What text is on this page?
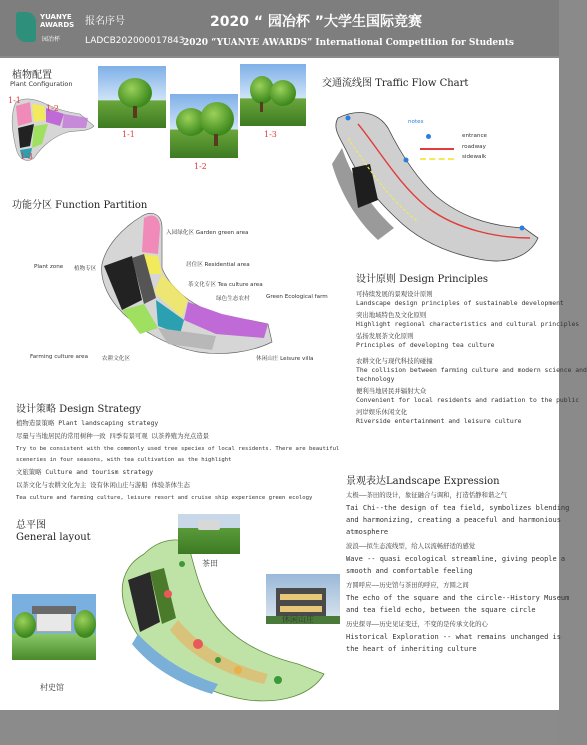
YUANYE AWARDS
园冶杯
报名序号
LADCB202000017843
2020 “ 园冶杯 ”大学生国际竞赛
2020 “YUANYE AWARDS” International Competition for Students
植物配置
Plant Configuration
1-1
1-2
1-3
1-1
1-2
1-3
交通流线图 Traffic Flow Chart
notes
entrance
roadway
sidewalk
功能分区 Function Partition
入园绿化区 Garden green area
居住区 Residential area
茶文化专区 Tea culture area
绿色生态农村	Green Ecological farm
Plant zone 植物专区
Farming culture area	农耕文化区	休闲山庄 Leisure villa
设计原则 Design Principles
可持续发展的景观设计原则
Landscape design principles of sustainable development
突出地域特色及文化原则
Highlight regional characteristics and cultural principles
弘扬发展茶文化原则
Principles of developing tea culture
农耕文化与现代科技的碰撞
The collision between farming culture and modern science and
technology
便利当地居民并辐射大众
Convenient for local residents and radiation to the public
河岸娱乐休闲文化
Riverside entertainment and leisure culture
设计策略 Design Strategy
植物造景策略 Plant landscaping strategy
尽量与当地居民的常用树种一致 四季有景可观 以茶养殖为亮点造景
Try to be consistent with the commonly used tree species of local residents. There are beautiful
sceneries in four seasons, with tea cultivation as the highlight
文旅策略 Culture and tourism strategy
以茶文化与农耕文化为主 设有休闲山庄与游船 体验茶体生态
Tea culture and farming culture, leisure resort and cruise ship experience green ecology
景观表达Landscape Expression
太极——茶田的设计，象征融合与调和，打造恬静和谐之气
Tai Chi--the design of tea field, symbolizes blending
and harmonizing, creating a peaceful and harmonious
atmosphere
波浪——拟生态流线型，给人以流畅舒适的感觉
Wave -- quasi ecological streamline, giving people a
smooth and comfortable feeling
方圆呼应——历史馆与茶田的呼应，方圆之间
The echo of the square and the circle--History Museum
and tea field echo, between the square circle
历史探寻——历史见证变迁，不变的是传承文化的心
Historical Exploration -- what remains unchanged is
the heart of inheriting culture
总平图
General layout
茶田
休闲山庄
村史馆
